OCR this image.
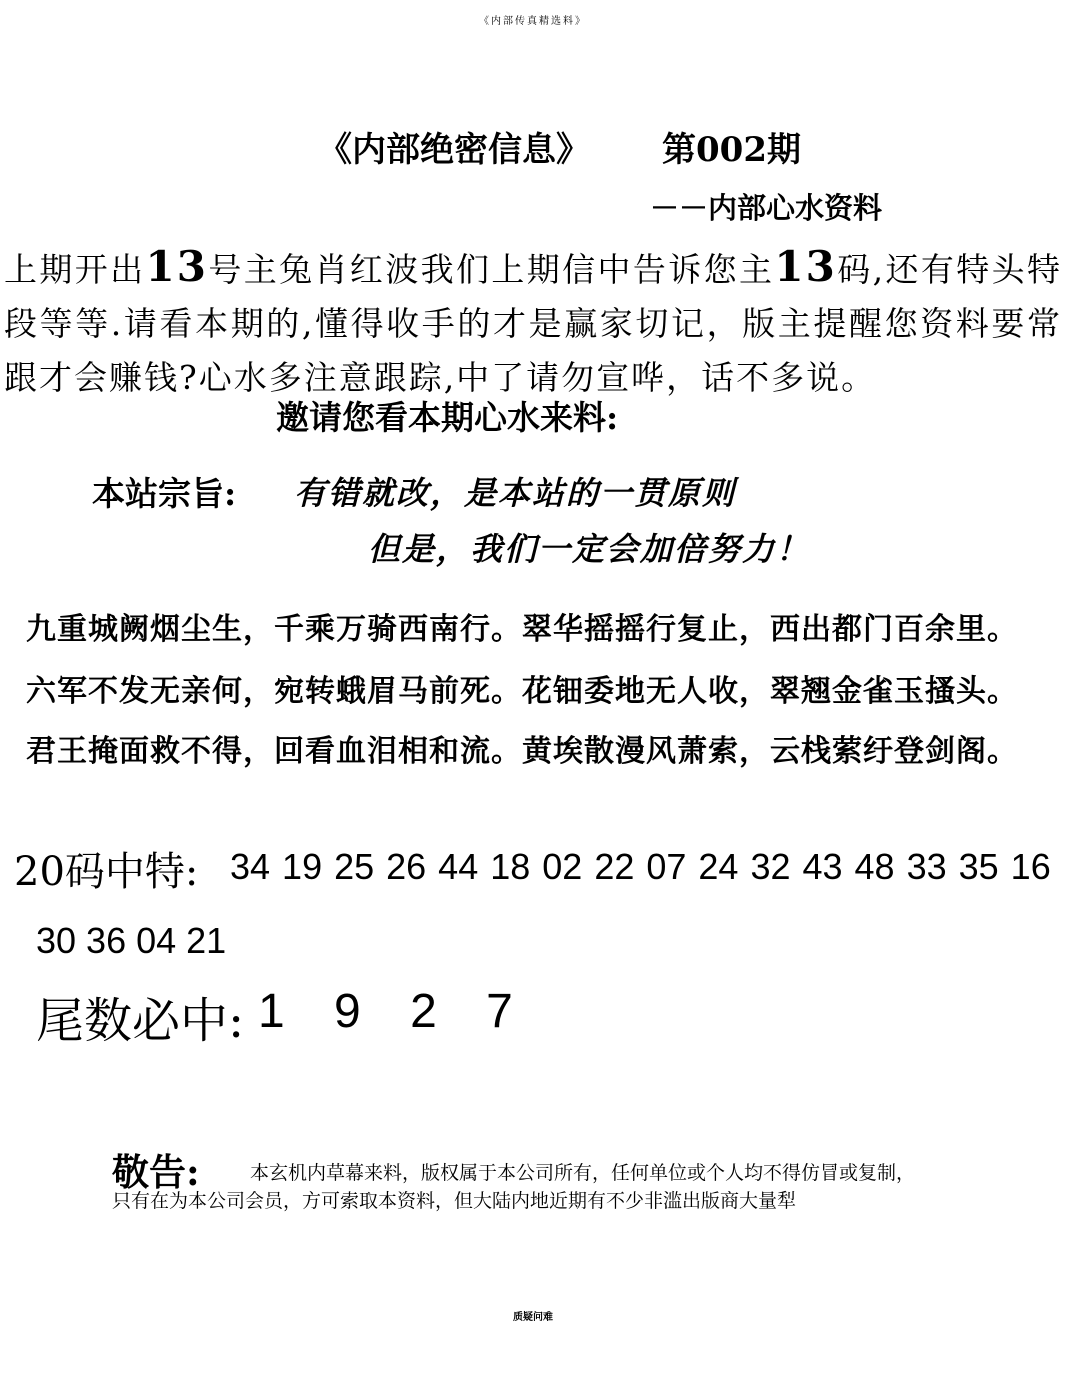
《内部传真精选料》
《内部绝密信息》 第002期
－－内部心水资料
上期开出13号主兔肖红波我们上期信中告诉您主13码,还有特头特段等等.请看本期的,懂得收手的才是赢家切记，版主提醒您资料要常跟才会赚钱?心水多注意跟踪,中了请勿宣哗，话不多说。
邀请您看本期心水来料:
本站宗旨: 有错就改，是本站的一贯原则
但是，我们一定会加倍努力！
九重城阙烟尘生，千乘万骑西南行。翠华摇摇行复止，西出都门百余里。
六军不发无亲何，宛转蛾眉马前死。花钿委地无人收，翠翘金雀玉搔头。
君王掩面救不得，回看血泪相和流。黄埃散漫风萧索，云栈萦纡登剑阁。
20码中特: 34 19 25 26 44 18 02 22 07 24 32 43 48 33 35 16
30 36 04 21
尾数必中: 1 9 2 7
敬告:	本玄机内草幕来料，版权属于本公司所有，任何单位或个人均不得仿冒或复制，
只有在为本公司会员，方可索取本资料，但大陆内地近期有不少非滥出版商大量犁
质疑问难
